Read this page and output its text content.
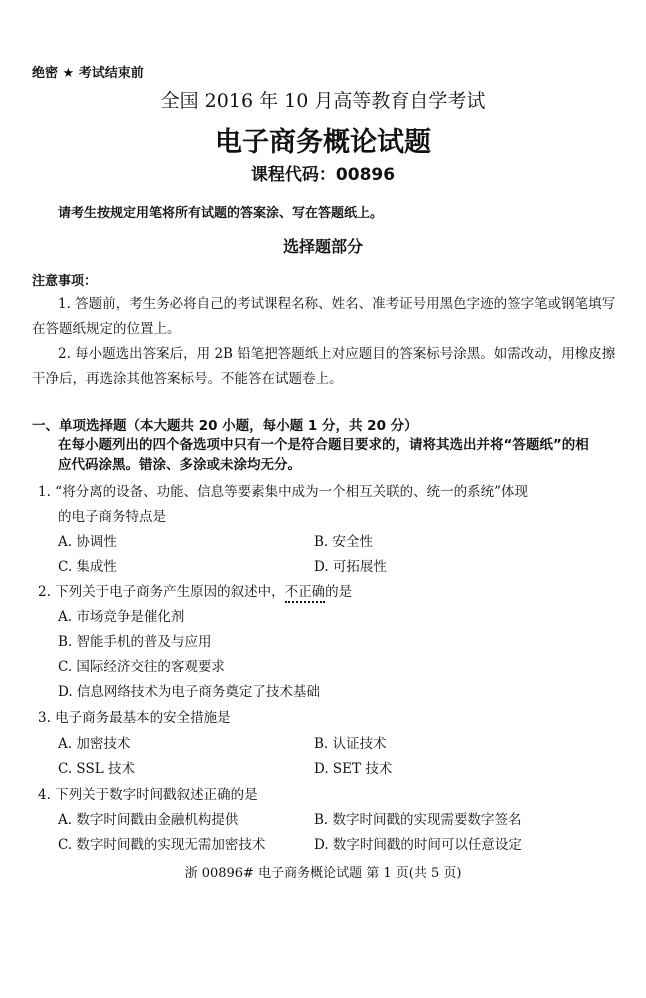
绝密 ★ 考试结束前
全国 2016 年 10 月高等教育自学考试
电子商务概论试题
课程代码：00896
请考生按规定用笔将所有试题的答案涂、写在答题纸上。
选择题部分
注意事项：
1. 答题前，考生务必将自己的考试课程名称、姓名、准考证号用黑色字迹的签字笔或钢笔填写在答题纸规定的位置上。
2. 每小题选出答案后，用 2B 铅笔把答题纸上对应题目的答案标号涂黑。如需改动，用橡皮擦干净后，再选涂其他答案标号。不能答在试题卷上。
一、单项选择题（本大题共 20 小题，每小题 1 分，共 20 分）
在每小题列出的四个备选项中只有一个是符合题目要求的，请将其选出并将“答题纸”的相应代码涂黑。错涂、多涂或未涂均无分。
1. “将分离的设备、功能、信息等要素集中成为一个相互关联的、统一的系统”体现
的电子商务特点是
A. 协调性	B. 安全性
C. 集成性	D. 可拓展性
2. 下列关于电子商务产生原因的叙述中，不正确的是
A. 市场竞争是催化剂
B. 智能手机的普及与应用
C. 国际经济交往的客观要求
D. 信息网络技术为电子商务奠定了技术基础
3. 电子商务最基本的安全措施是
A. 加密技术	B. 认证技术
C. SSL 技术	D. SET 技术
4. 下列关于数字时间戳叙述正确的是
A. 数字时间戳由金融机构提供	B. 数字时间戳的实现需要数字签名
C. 数字时间戳的实现无需加密技术	D. 数字时间戳的时间可以任意设定
浙 00896# 电子商务概论试题 第 1 页(共 5 页)
